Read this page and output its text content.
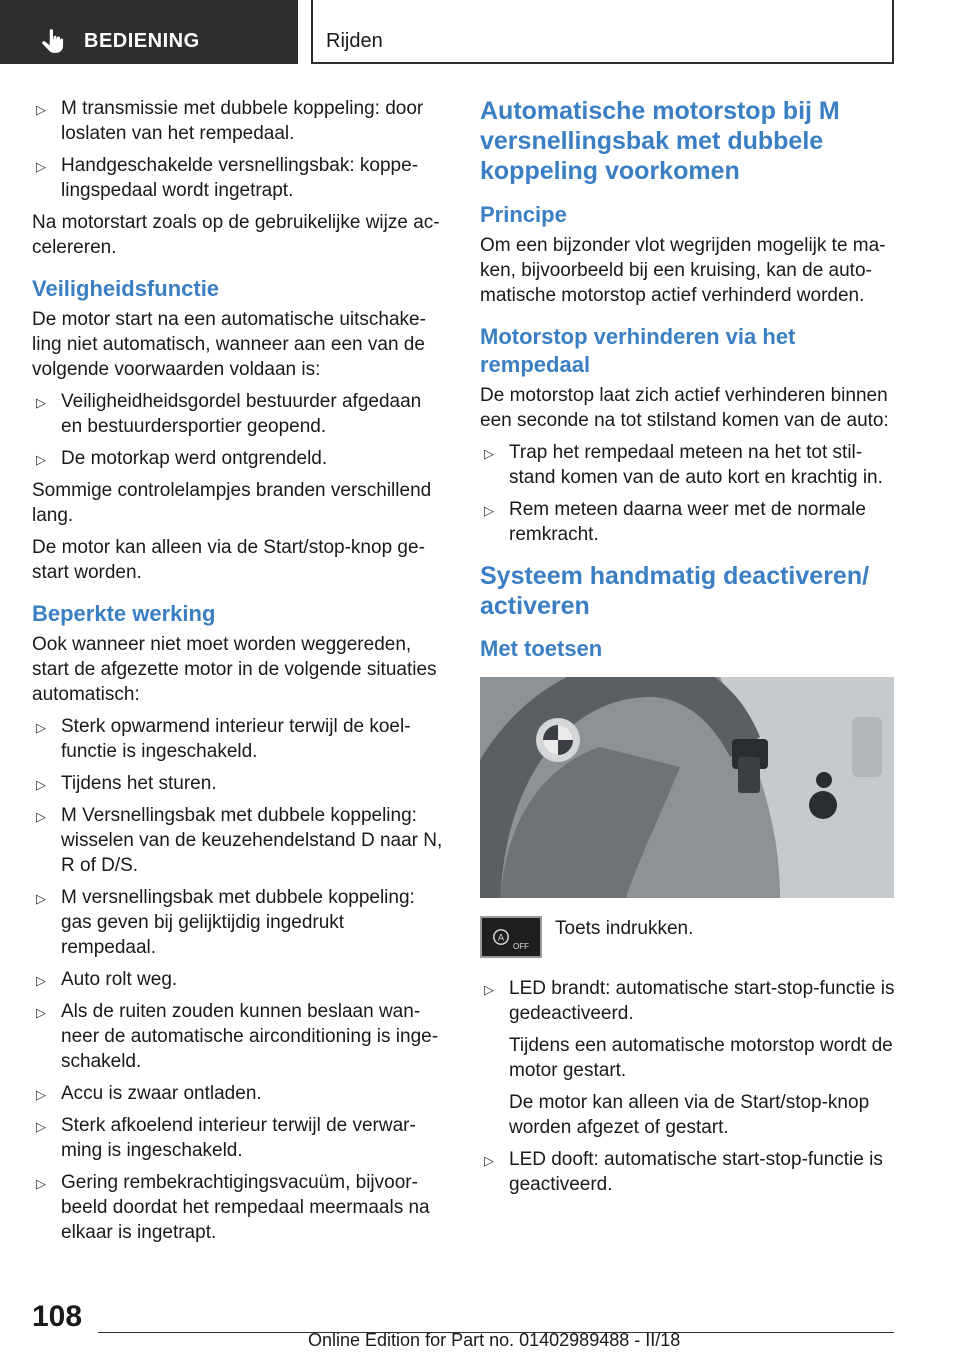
BEDIENING	Rijden
▷ M transmissie met dubbele koppeling: door loslaten van het rempedaal.
▷ Handgeschakelde versnellingsbak: koppelingspedaal wordt ingetrapt.

Na motorstart zoals op de gebruikelijke wijze accelereren.

Veiligheidsfunctie

De motor start na een automatische uitschakeling niet automatisch, wanneer aan een van de volgende voorwaarden voldaan is:

▷ Veiligheidheidsgordel bestuurder afgedaan en bestuurdersportier geopend.
▷ De motorkap werd ontgrendeld.

Sommige controlelampjes branden verschillend lang.

De motor kan alleen via de Start/stop-knop gestart worden.

Beperkte werking

Ook wanneer niet moet worden weggereden, start de afgezette motor in de volgende situaties automatisch:

▷ Sterk opwarmend interieur terwijl de koelfunctie is ingeschakeld.
▷ Tijdens het sturen.
▷ M Versnellingsbak met dubbele koppeling: wisselen van de keuzehendelstand D naar N, R of D/S.
▷ M versnellingsbak met dubbele koppeling: gas geven bij gelijktijdig ingedrukt rempedaal.
▷ Auto rolt weg.
▷ Als de ruiten zouden kunnen beslaan wanneer de automatische airconditioning is ingeschakeld.
▷ Accu is zwaar ontladen.
▷ Sterk afkoelend interieur terwijl de verwarming is ingeschakeld.
▷ Gering rembekrachtigingsvacuüm, bijvoorbeeld doordat het rempedaal meermaals na elkaar is ingetrapt.
Automatische motorstop bij M versnellingsbak met dubbele koppeling voorkomen
Principe

Om een bijzonder vlot wegrijden mogelijk te maken, bijvoorbeeld bij een kruising, kan de automatische motorstop actief verhinderd worden.

Motorstop verhinderen via het rempedaal

De motorstop laat zich actief verhinderen binnen een seconde na tot stilstand komen van de auto:

▷ Trap het rempedaal meteen na het tot stilstand komen van de auto kort en krachtig in.
▷ Rem meteen daarna weer met de normale remkracht.
Systeem handmatig deactiveren/ activeren
Met toetsen
A
OFF
Toets indrukken.
▷ LED brandt: automatische start-stop-functie is gedeactiveerd.
Tijdens een automatische motorstop wordt de motor gestart.
De motor kan alleen via de Start/stop-knop worden afgezet of gestart.
▷ LED dooft: automatische start-stop-functie is geactiveerd.
108
Online Edition for Part no. 01402989488 - II/18
